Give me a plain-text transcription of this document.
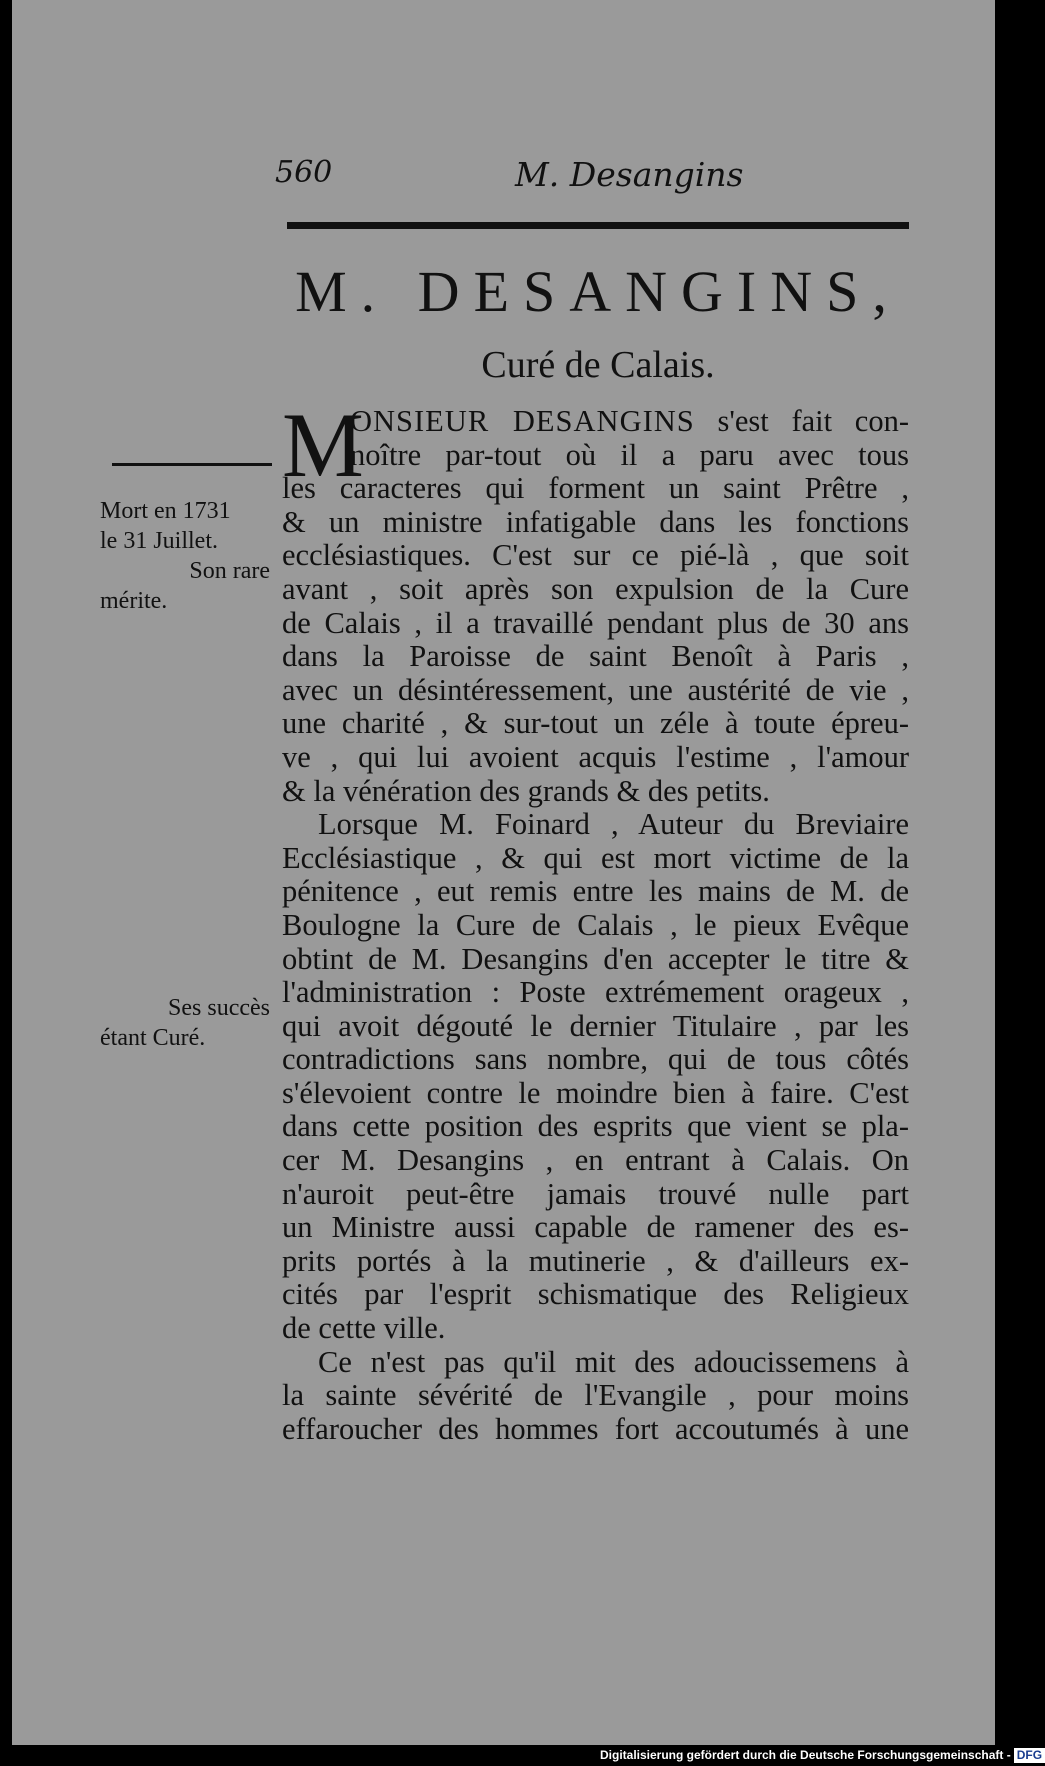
560	M. Desangins
M. DESANGINS,
Curé de Calais.
Mort en 1731
le 31 Juillet.
Son rare
mérite.
Ses succès
étant Curé.
M
ONSIEUR DESANGINS s'est fait con-
noître par-tout où il a paru avec tous
les caracteres qui forment un saint Prêtre ,
& un ministre infatigable dans les fonctions
ecclésiastiques. C'est sur ce pié-là , que soit
avant , soit après son expulsion de la Cure
de Calais , il a travaillé pendant plus de 30 ans
dans la Paroisse de saint Benoît à Paris ,
avec un désintéressement, une austérité de vie ,
une charité , & sur-tout un zéle à toute épreu-
ve , qui lui avoient acquis l'estime , l'amour
& la vénération des grands & des petits.
Lorsque M. Foinard , Auteur du Breviaire
Ecclésiastique , & qui est mort victime de la
pénitence , eut remis entre les mains de M. de
Boulogne la Cure de Calais , le pieux Evêque
obtint de M. Desangins d'en accepter le titre &
l'administration : Poste extrémement orageux ,
qui avoit dégouté le dernier Titulaire , par les
contradictions sans nombre, qui de tous côtés
s'élevoient contre le moindre bien à faire. C'est
dans cette position des esprits que vient se pla-
cer M. Desangins , en entrant à Calais. On
n'auroit peut-être jamais trouvé nulle part
un Ministre aussi capable de ramener des es-
prits portés à la mutinerie , & d'ailleurs ex-
cités par l'esprit schismatique des Religieux
de cette ville.
Ce n'est pas qu'il mit des adoucissemens à
la sainte sévérité de l'Evangile , pour moins
effaroucher des hommes fort accoutumés à une
Digitalisierung gefördert durch die Deutsche Forschungsgemeinschaft - DFG
